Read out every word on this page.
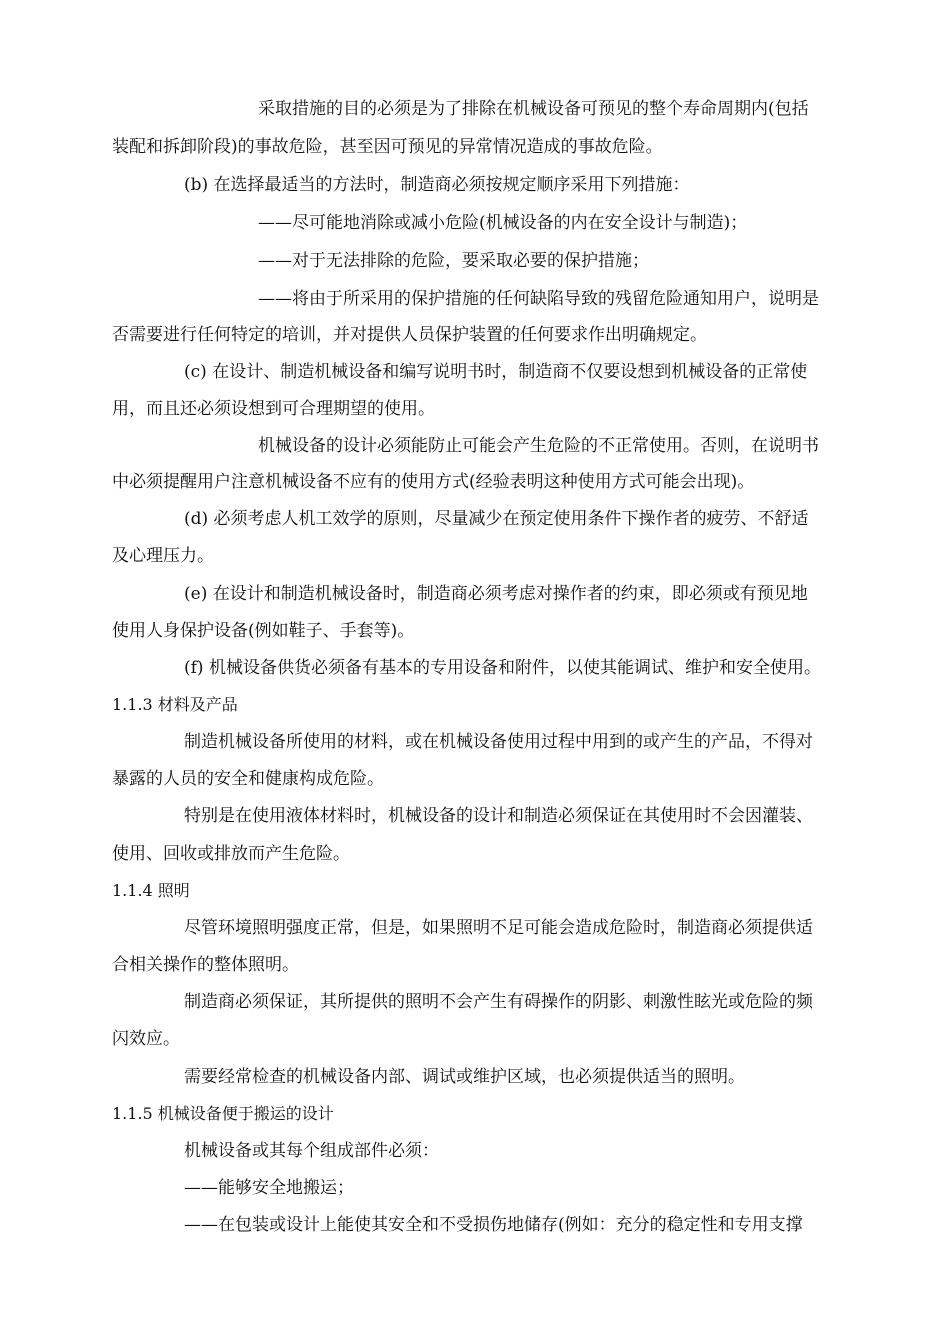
采取措施的目的必须是为了排除在机械设备可预见的整个寿命周期内(包括
装配和拆卸阶段)的事故危险，甚至因可预见的异常情况造成的事故危险。
(b) 在选择最适当的方法时，制造商必须按规定顺序采用下列措施：
——尽可能地消除或减小危险(机械设备的内在安全设计与制造)；
——对于无法排除的危险，要采取必要的保护措施；
——将由于所采用的保护措施的任何缺陷导致的残留危险通知用户，说明是
否需要进行任何特定的培训，并对提供人员保护装置的任何要求作出明确规定。
(c) 在设计、制造机械设备和编写说明书时，制造商不仅要设想到机械设备的正常使
用，而且还必须设想到可合理期望的使用。
机械设备的设计必须能防止可能会产生危险的不正常使用。否则，在说明书
中必须提醒用户注意机械设备不应有的使用方式(经验表明这种使用方式可能会出现)。
(d) 必须考虑人机工效学的原则，尽量减少在预定使用条件下操作者的疲劳、不舒适
及心理压力。
(e) 在设计和制造机械设备时，制造商必须考虑对操作者的约束，即必须或有预见地
使用人身保护设备(例如鞋子、手套等)。
(f) 机械设备供货必须备有基本的专用设备和附件，以使其能调试、维护和安全使用。
1.1.3 材料及产品
制造机械设备所使用的材料，或在机械设备使用过程中用到的或产生的产品，不得对
暴露的人员的安全和健康构成危险。
特别是在使用液体材料时，机械设备的设计和制造必须保证在其使用时不会因灌装、
使用、回收或排放而产生危险。
1.1.4 照明
尽管环境照明强度正常，但是，如果照明不足可能会造成危险时，制造商必须提供适
合相关操作的整体照明。
制造商必须保证，其所提供的照明不会产生有碍操作的阴影、刺激性眩光或危险的频
闪效应。
需要经常检查的机械设备内部、调试或维护区域，也必须提供适当的照明。
1.1.5 机械设备便于搬运的设计
机械设备或其每个组成部件必须：
——能够安全地搬运；
——在包装或设计上能使其安全和不受损伤地储存(例如：充分的稳定性和专用支撑
